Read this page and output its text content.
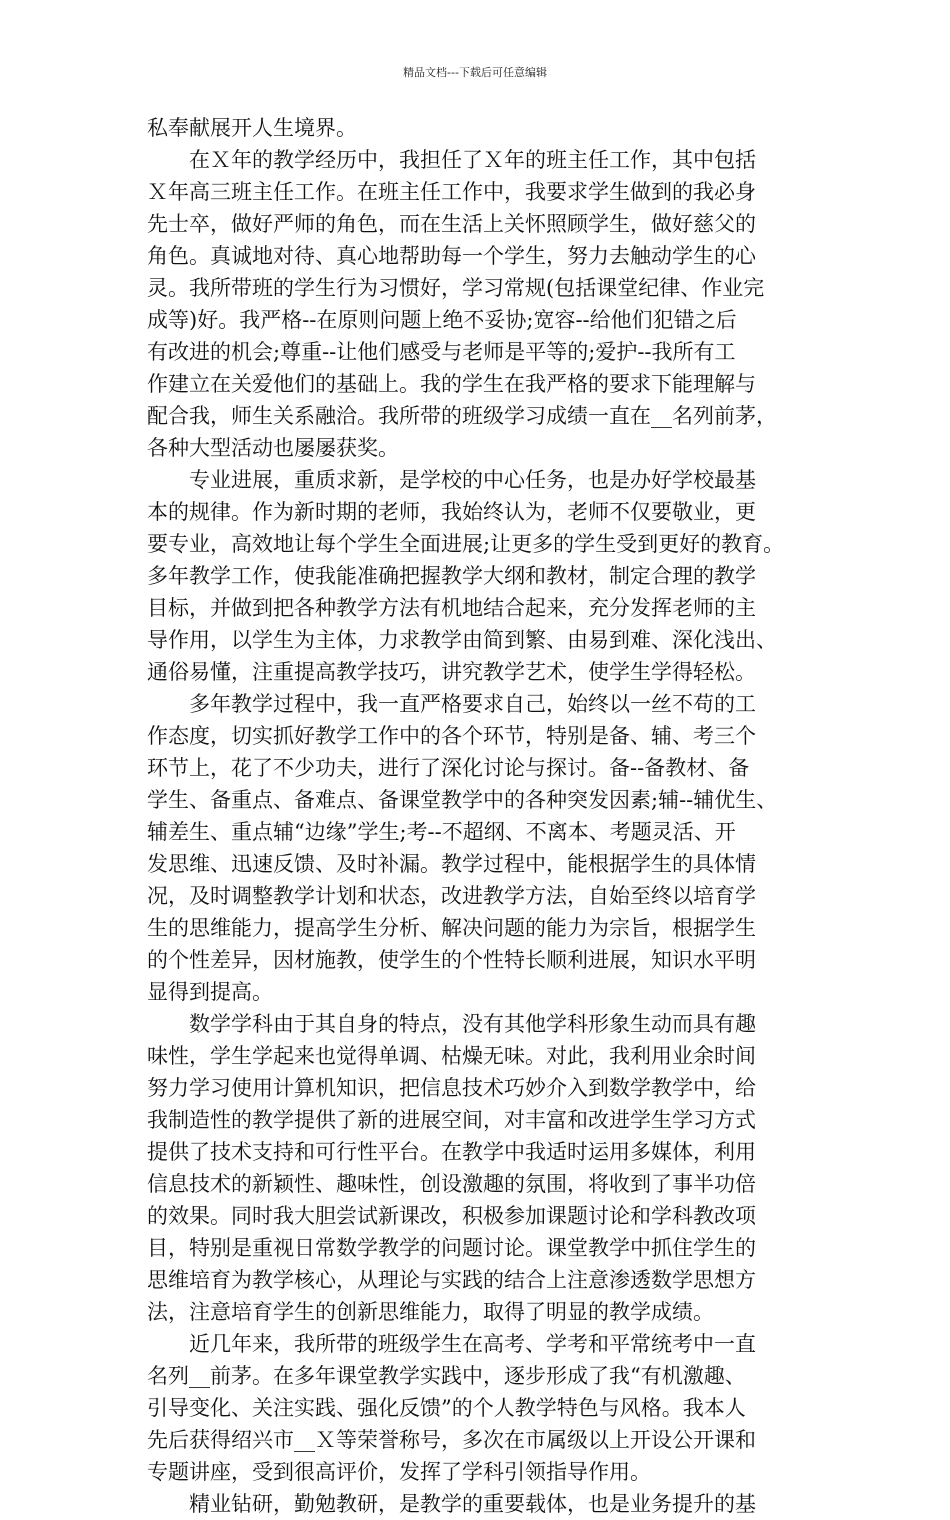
精品文档---下载后可任意编辑
私奉献展开人生境界。
　　在Ｘ年的教学经历中，我担任了Ｘ年的班主任工作，其中包括
Ｘ年高三班主任工作。在班主任工作中，我要求学生做到的我必身
先士卒，做好严师的角色，而在生活上关怀照顾学生，做好慈父的
角色。真诚地对待、真心地帮助每一个学生，努力去触动学生的心
灵。我所带班的学生行为习惯好，学习常规(包括课堂纪律、作业完
成等)好。我严格--在原则问题上绝不妥协;宽容--给他们犯错之后
有改进的机会;尊重--让他们感受与老师是平等的;爱护--我所有工
作建立在关爱他们的基础上。我的学生在我严格的要求下能理解与
配合我，师生关系融洽。我所带的班级学习成绩一直在__名列前茅，
各种大型活动也屡屡获奖。
　　专业进展，重质求新，是学校的中心任务，也是办好学校最基
本的规律。作为新时期的老师，我始终认为，老师不仅要敬业，更
要专业，高效地让每个学生全面进展;让更多的学生受到更好的教育。
多年教学工作，使我能准确把握教学大纲和教材，制定合理的教学
目标，并做到把各种教学方法有机地结合起来，充分发挥老师的主
导作用，以学生为主体，力求教学由简到繁、由易到难、深化浅出、
通俗易懂，注重提高教学技巧，讲究教学艺术，使学生学得轻松。
　　多年教学过程中，我一直严格要求自己，始终以一丝不苟的工
作态度，切实抓好教学工作中的各个环节，特别是备、辅、考三个
环节上，花了不少功夫，进行了深化讨论与探讨。备--备教材、备
学生、备重点、备难点、备课堂教学中的各种突发因素;辅--辅优生、
辅差生、重点辅“边缘”学生;考--不超纲、不离本、考题灵活、开
发思维、迅速反馈、及时补漏。教学过程中，能根据学生的具体情
况，及时调整教学计划和状态，改进教学方法，自始至终以培育学
生的思维能力，提高学生分析、解决问题的能力为宗旨，根据学生
的个性差异，因材施教，使学生的个性特长顺利进展，知识水平明
显得到提高。
　　数学学科由于其自身的特点，没有其他学科形象生动而具有趣
味性，学生学起来也觉得单调、枯燥无味。对此，我利用业余时间
努力学习使用计算机知识，把信息技术巧妙介入到数学教学中，给
我制造性的教学提供了新的进展空间，对丰富和改进学生学习方式
提供了技术支持和可行性平台。在教学中我适时运用多媒体，利用
信息技术的新颖性、趣味性，创设激趣的氛围，将收到了事半功倍
的效果。同时我大胆尝试新课改，积极参加课题讨论和学科教改项
目，特别是重视日常数学教学的问题讨论。课堂教学中抓住学生的
思维培育为教学核心，从理论与实践的结合上注意渗透数学思想方
法，注意培育学生的创新思维能力，取得了明显的教学成绩。
　　近几年来，我所带的班级学生在高考、学考和平常统考中一直
名列__前茅。在多年课堂教学实践中，逐步形成了我“有机激趣、
引导变化、关注实践、强化反馈”的个人教学特色与风格。我本人
先后获得绍兴市__Ｘ等荣誉称号，多次在市属级以上开设公开课和
专题讲座，受到很高评价，发挥了学科引领指导作用。
　　精业钻研，勤勉教研，是教学的重要载体，也是业务提升的基
